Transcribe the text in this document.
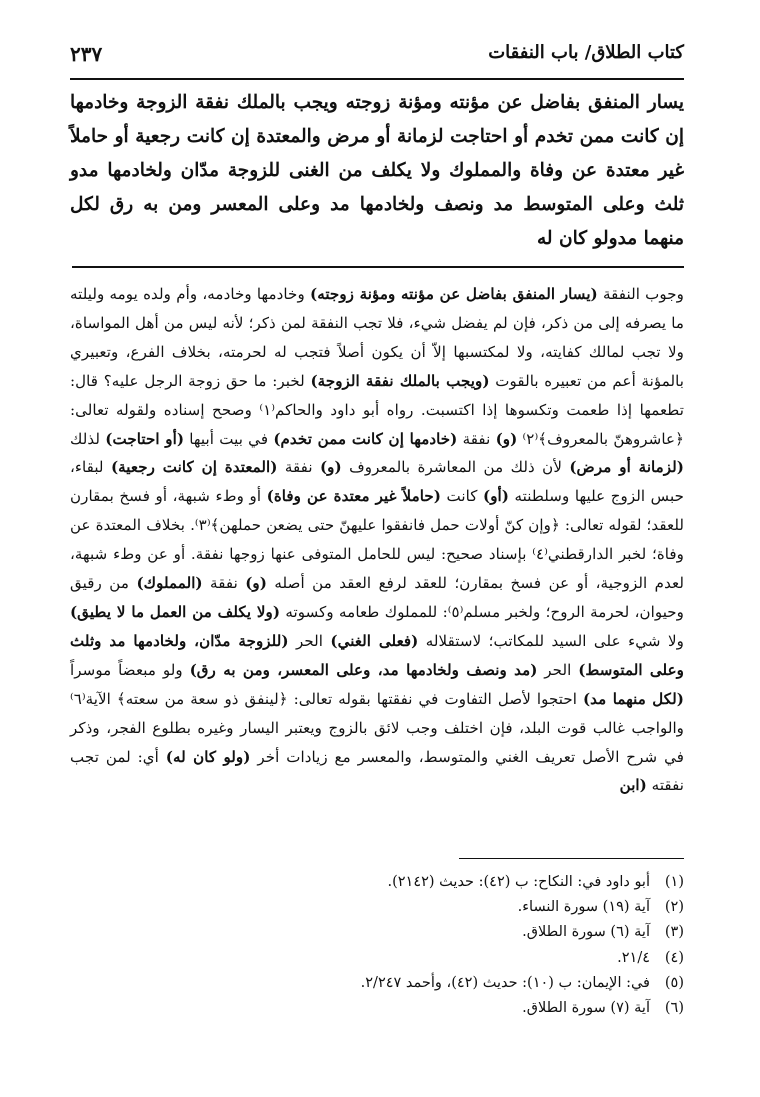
كتاب الطلاق/ باب النفقات
٢٣٧
يسار المنفق بفاضل عن مؤنته ومؤنة زوجته ويجب بالملك نفقة الزوجة وخادمها إن كانت ممن تخدم أو احتاجت لزمانة أو مرض والمعتدة إن كانت رجعية أو حاملاً غير معتدة عن وفاة والمملوك ولا يكلف من الغنى للزوجة مدّان ولخادمها مدو ثلث وعلى المتوسط مد ونصف ولخادمها مد وعلى المعسر ومن به رق لكل منهما مدولو كان له
وجوب النفقة (يسار المنفق بفاضل عن مؤنته ومؤنة زوجته) وخادمها وخادمه، وأم ولده يومه وليلته ما يصرفه إلى من ذكر، فإن لم يفضل شيء، فلا تجب النفقة لمن ذكر؛ لأنه ليس من أهل المواساة، ولا تجب لمالك كفايته، ولا لمكتسبها إلاّ أن يكون أصلاً فتجب له لحرمته، بخلاف الفرع، وتعبيري بالمؤنة أعم من تعبيره بالقوت (ويجب بالملك نفقة الزوجة) لخبر: ما حق زوجة الرجل عليه؟ قال: تطعمها إذا طعمت وتكسوها إذا اكتسبت. رواه أبو داود والحاكم⁽١⁾ وصحح إسناده ولقوله تعالى: ﴿عاشروهنّ بالمعروف﴾⁽٢⁾ (و) نفقة (خادمها إن كانت ممن تخدم) في بيت أبيها (أو احتاجت) لذلك (لزمانة أو مرض) لأن ذلك من المعاشرة بالمعروف (و) نفقة (المعتدة إن كانت رجعية) لبقاء، حبس الزوج عليها وسلطنته (أو) كانت (حاملاً غير معتدة عن وفاة) أو وطء شبهة، أو فسخ بمقارن للعقد؛ لقوله تعالى: ﴿وإن كنّ أولات حمل فانفقوا عليهنّ حتى يضعن حملهن﴾⁽٣⁾. بخلاف المعتدة عن وفاة؛ لخبر الدارقطني⁽٤⁾ بإسناد صحيح: ليس للحامل المتوفى عنها زوجها نفقة. أو عن وطء شبهة، لعدم الزوجية، أو عن فسخ بمقارن؛ للعقد لرفع العقد من أصله (و) نفقة (المملوك) من رقيق وحيوان، لحرمة الروح؛ ولخبر مسلم⁽٥⁾: للمملوك طعامه وكسوته (ولا يكلف من العمل ما لا يطيق) ولا شيء على السيد للمكاتب؛ لاستقلاله (فعلى الغني) الحر (للزوجة مدّان، ولخادمها مد وثلث وعلى المتوسط) الحر (مد ونصف ولخادمها مد، وعلى المعسر، ومن به رق) ولو مبعضاً موسراً (لكل منهما مد) احتجوا لأصل التفاوت في نفقتها بقوله تعالى: ﴿لينفق ذو سعة من سعته﴾ الآية⁽٦⁾ والواجب غالب قوت البلد، فإن اختلف وجب لائق بالزوج ويعتبر اليسار وغيره بطلوع الفجر، وذكر في شرح الأصل تعريف الغني والمتوسط، والمعسر مع زيادات أخر (ولو كان له) أي: لمن تجب نفقته (ابن
(١)أبو داود في: النكاح: ب (٤٢): حديث (٢١٤٢).
(٢)آية (١٩) سورة النساء.
(٣)آية (٦) سورة الطلاق.
(٤)٢١/٤.
(٥)في: الإيمان: ب (١٠): حديث (٤٢)، وأحمد ٢/٢٤٧.
(٦)آية (٧) سورة الطلاق.
